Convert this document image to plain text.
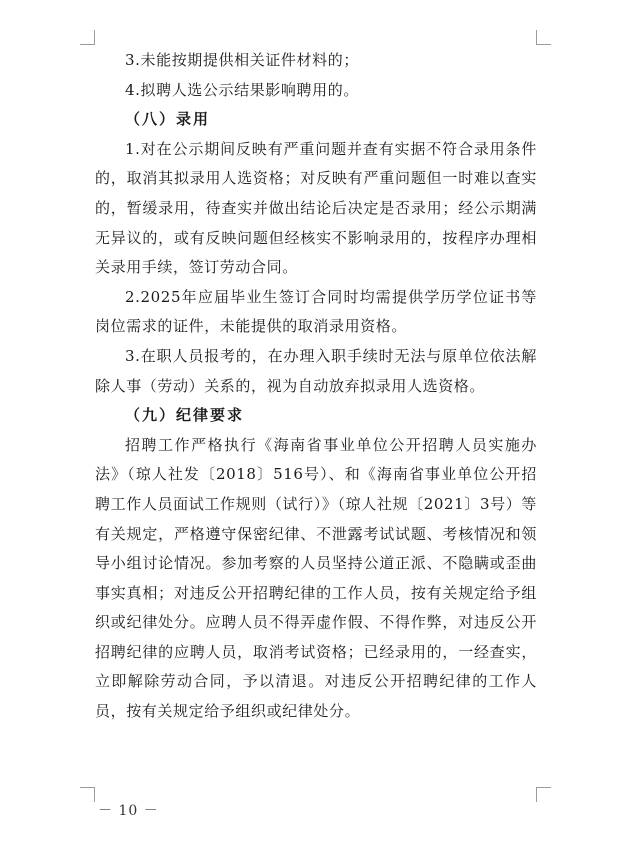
3.未能按期提供相关证件材料的；

4.拟聘人选公示结果影响聘用的。

（八）录用

1.对在公示期间反映有严重问题并查有实据不符合录用条件的，取消其拟录用人选资格；对反映有严重问题但一时难以查实的，暂缓录用，待查实并做出结论后决定是否录用；经公示期满无异议的，或有反映问题但经核实不影响录用的，按程序办理相关录用手续，签订劳动合同。

2.2025年应届毕业生签订合同时均需提供学历学位证书等岗位需求的证件，未能提供的取消录用资格。

3.在职人员报考的，在办理入职手续时无法与原单位依法解除人事（劳动）关系的，视为自动放弃拟录用人选资格。

（九）纪律要求

招聘工作严格执行《海南省事业单位公开招聘人员实施办法》（琼人社发〔2018〕516号）、和《海南省事业单位公开招聘工作人员面试工作规则（试行）》（琼人社规〔2021〕3号）等有关规定，严格遵守保密纪律、不泄露考试试题、考核情况和领导小组讨论情况。参加考察的人员坚持公道正派、不隐瞒或歪曲事实真相；对违反公开招聘纪律的工作人员，按有关规定给予组织或纪律处分。应聘人员不得弄虚作假、不得作弊，对违反公开招聘纪律的应聘人员，取消考试资格；已经录用的，一经查实，立即解除劳动合同，予以清退。对违反公开招聘纪律的工作人员，按有关规定给予组织或纪律处分。

－ 10 －
